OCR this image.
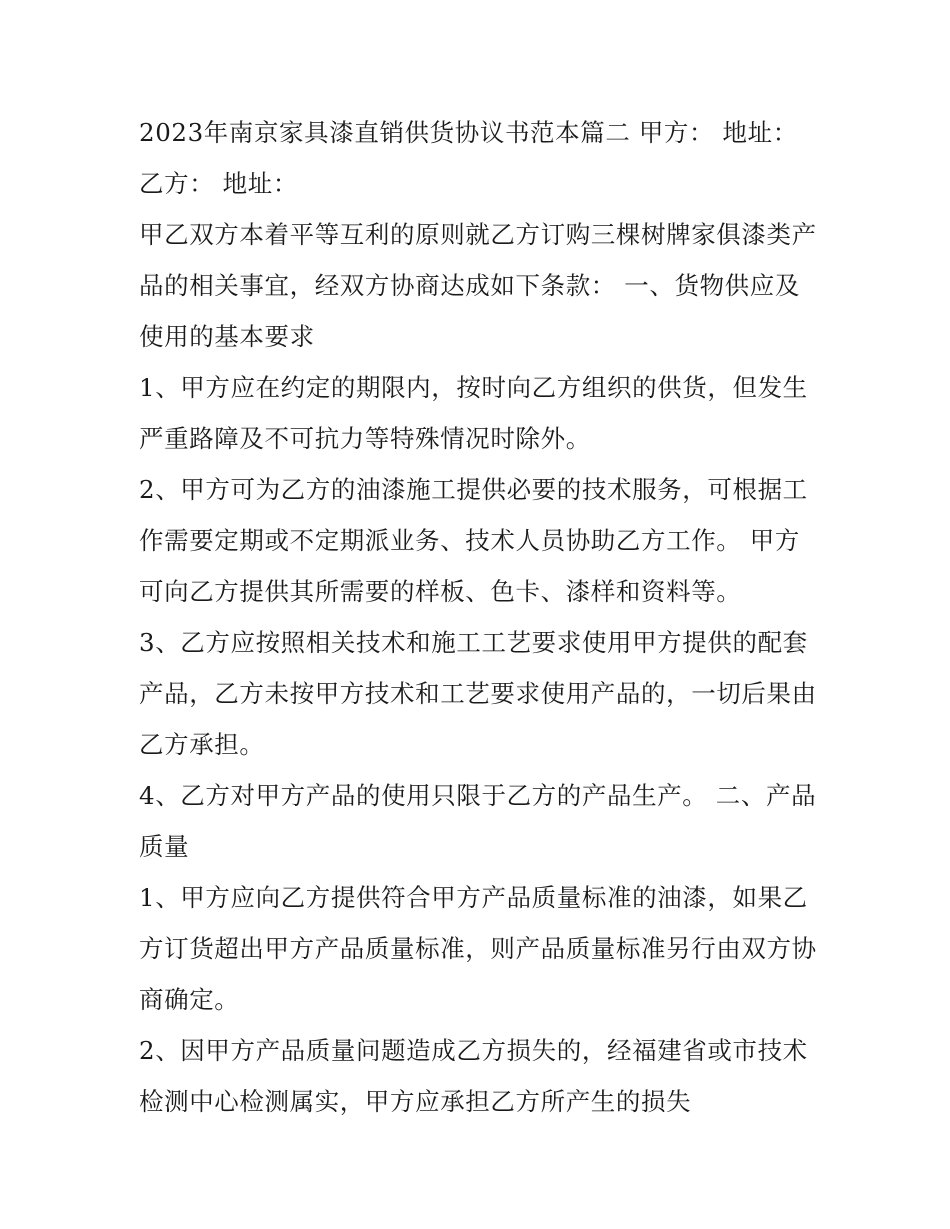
2023年南京家具漆直销供货协议书范本篇二 甲方： 地址： 乙方： 地址：

甲乙双方本着平等互利的原则就乙方订购三棵树牌家俱漆类产品的相关事宜，经双方协商达成如下条款： 一、货物供应及使用的基本要求

1、甲方应在约定的期限内，按时向乙方组织的供货，但发生严重路障及不可抗力等特殊情况时除外。

2、甲方可为乙方的油漆施工提供必要的技术服务，可根据工作需要定期或不定期派业务、技术人员协助乙方工作。 甲方可向乙方提供其所需要的样板、色卡、漆样和资料等。

3、乙方应按照相关技术和施工工艺要求使用甲方提供的配套产品，乙方未按甲方技术和工艺要求使用产品的，一切后果由乙方承担。

4、乙方对甲方产品的使用只限于乙方的产品生产。 二、产品质量

1、甲方应向乙方提供符合甲方产品质量标准的油漆，如果乙方订货超出甲方产品质量标准，则产品质量标准另行由双方协商确定。

2、因甲方产品质量问题造成乙方损失的，经福建省或市技术检测中心检测属实，甲方应承担乙方所产生的损失
